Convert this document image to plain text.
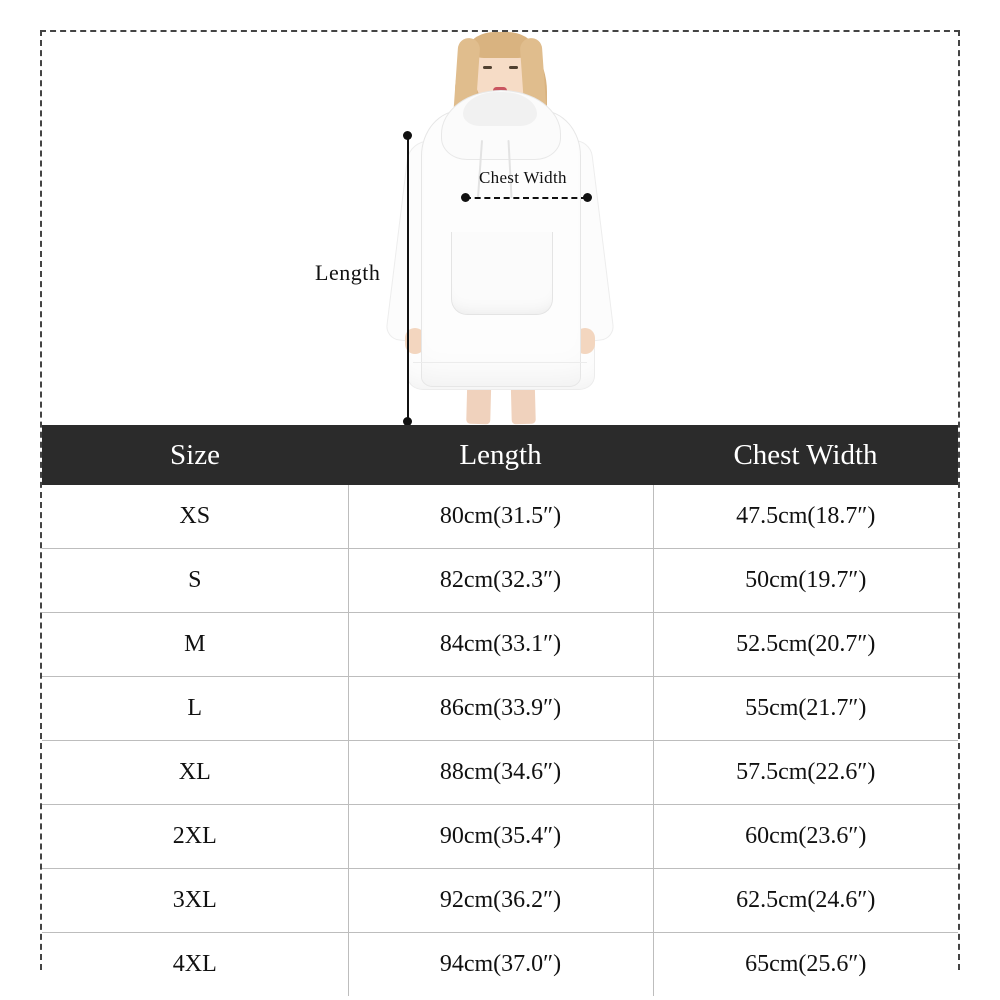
Length
Chest Width
Size	Length	Chest Width
XS	80cm(31.5″)	47.5cm(18.7″)
S	82cm(32.3″)	50cm(19.7″)
M	84cm(33.1″)	52.5cm(20.7″)
L	86cm(33.9″)	55cm(21.7″)
XL	88cm(34.6″)	57.5cm(22.6″)
2XL	90cm(35.4″)	60cm(23.6″)
3XL	92cm(36.2″)	62.5cm(24.6″)
4XL	94cm(37.0″)	65cm(25.6″)
